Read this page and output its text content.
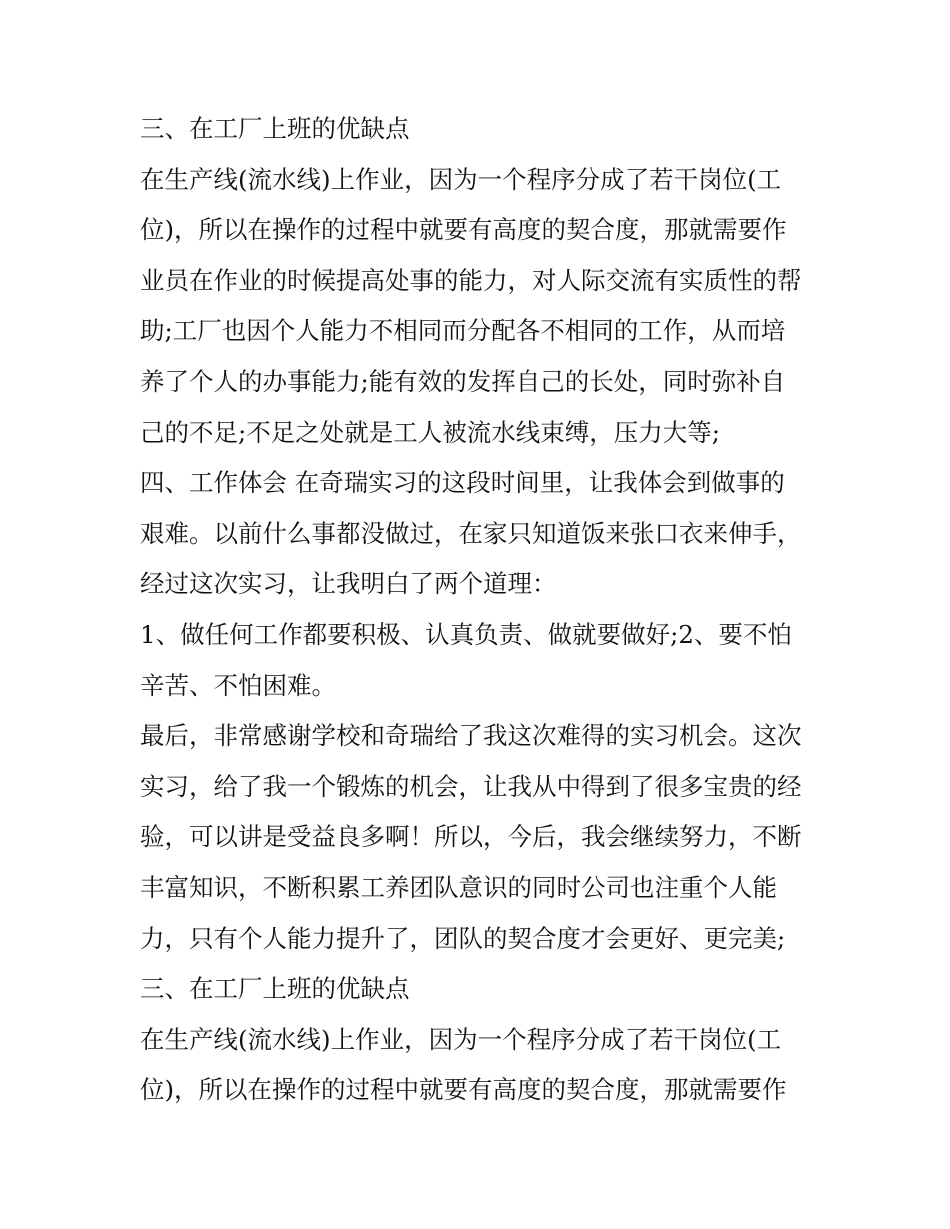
三、在工厂上班的优缺点
在生产线(流水线)上作业，因为一个程序分成了若干岗位(工
位)，所以在操作的过程中就要有高度的契合度，那就需要作
业员在作业的时候提高处事的能力，对人际交流有实质性的帮
助;工厂也因个人能力不相同而分配各不相同的工作，从而培
养了个人的办事能力;能有效的发挥自己的长处，同时弥补自
己的不足;不足之处就是工人被流水线束缚，压力大等;
四、工作体会 在奇瑞实习的这段时间里，让我体会到做事的
艰难。以前什么事都没做过，在家只知道饭来张口衣来伸手，
经过这次实习，让我明白了两个道理：
1、做任何工作都要积极、认真负责、做就要做好;2、要不怕
辛苦、不怕困难。
最后，非常感谢学校和奇瑞给了我这次难得的实习机会。这次
实习，给了我一个锻炼的机会，让我从中得到了很多宝贵的经
验，可以讲是受益良多啊！所以，今后，我会继续努力，不断
丰富知识，不断积累工养团队意识的同时公司也注重个人能
力，只有个人能力提升了，团队的契合度才会更好、更完美;
三、在工厂上班的优缺点
在生产线(流水线)上作业，因为一个程序分成了若干岗位(工
位)，所以在操作的过程中就要有高度的契合度，那就需要作
